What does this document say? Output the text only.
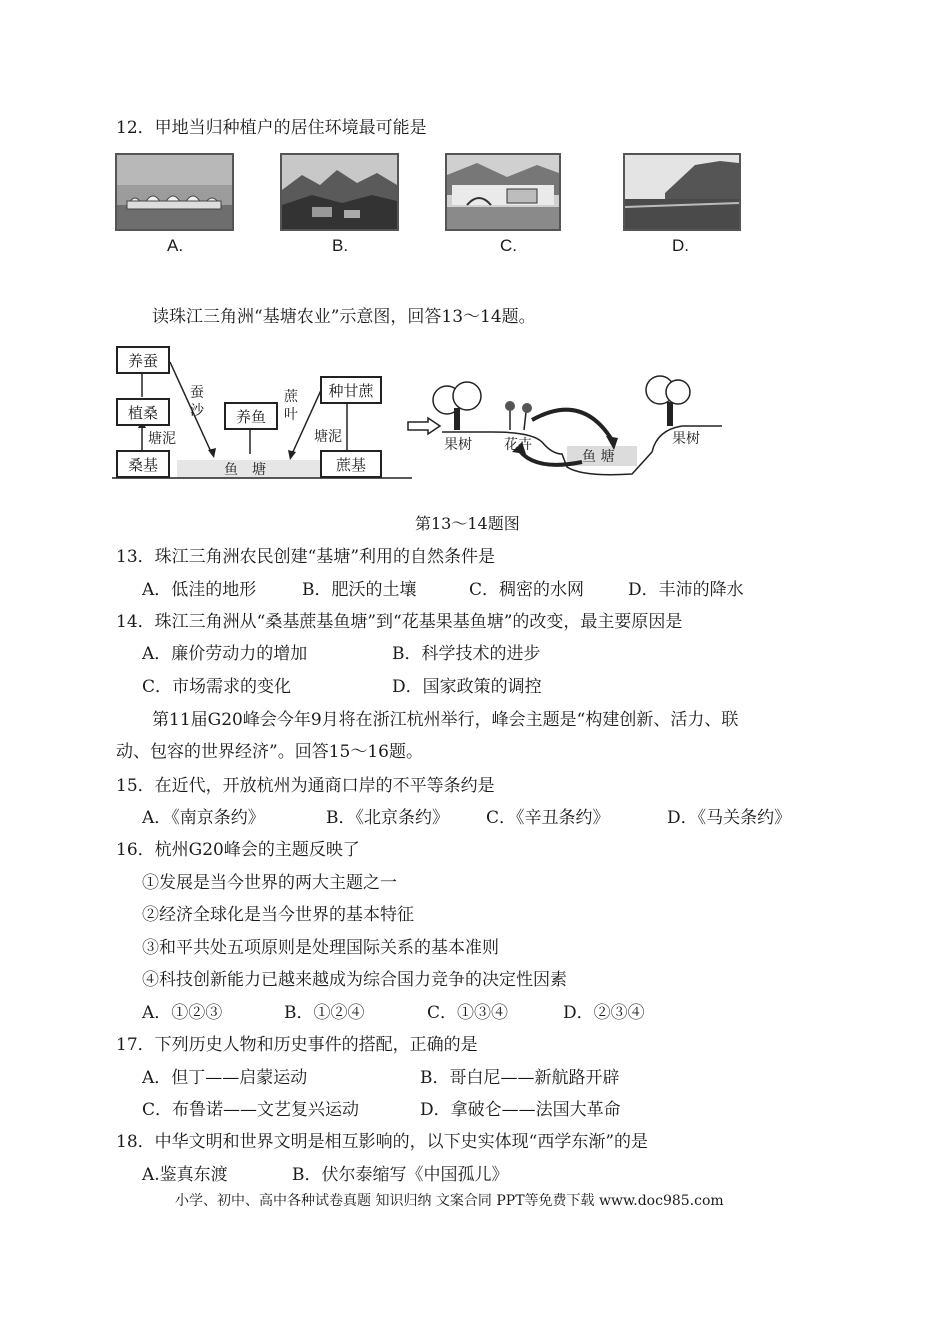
12．甲地当归种植户的居住环境最可能是
A.	B.	C.	D.
读珠江三角洲“基塘农业”示意图，回答13～14题。
养蚕
植桑
桑基
养鱼
种甘蔗
蔗基
蚕沙
塘泥
蔗叶
塘泥
鱼　塘
果树 花卉
鱼 塘
果树
第13～14题图
13．珠江三角洲农民创建“基塘”利用的自然条件是
A．低洼的地形	B．肥沃的土壤	C．稠密的水网	D．丰沛的降水
14．珠江三角洲从“桑基蔗基鱼塘”到“花基果基鱼塘”的改变，最主要原因是
A．廉价劳动力的增加	B．科学技术的进步
C．市场需求的变化	D．国家政策的调控
第11届G20峰会今年9月将在浙江杭州举行，峰会主题是“构建创新、活力、联
动、包容的世界经济”。回答15～16题。
15．在近代，开放杭州为通商口岸的不平等条约是
A．《南京条约》	B．《北京条约》 C．《辛丑条约》	D．《马关条约》
16．杭州G20峰会的主题反映了
①发展是当今世界的两大主题之一
②经济全球化是当今世界的基本特征
③和平共处五项原则是处理国际关系的基本准则
④科技创新能力已越来越成为综合国力竞争的决定性因素
A．①②③	B．①②④	C．①③④	D．②③④
17．下列历史人物和历史事件的搭配，正确的是
A．但丁——启蒙运动	B．哥白尼——新航路开辟
C．布鲁诺——文艺复兴运动	D．拿破仑——法国大革命
18．中华文明和世界文明是相互影响的，以下史实体现“西学东渐”的是
A.鉴真东渡	B．伏尔泰缩写《中国孤儿》
小学、初中、高中各种试卷真题 知识归纳 文案合同 PPT等免费下载 www.doc985.com
